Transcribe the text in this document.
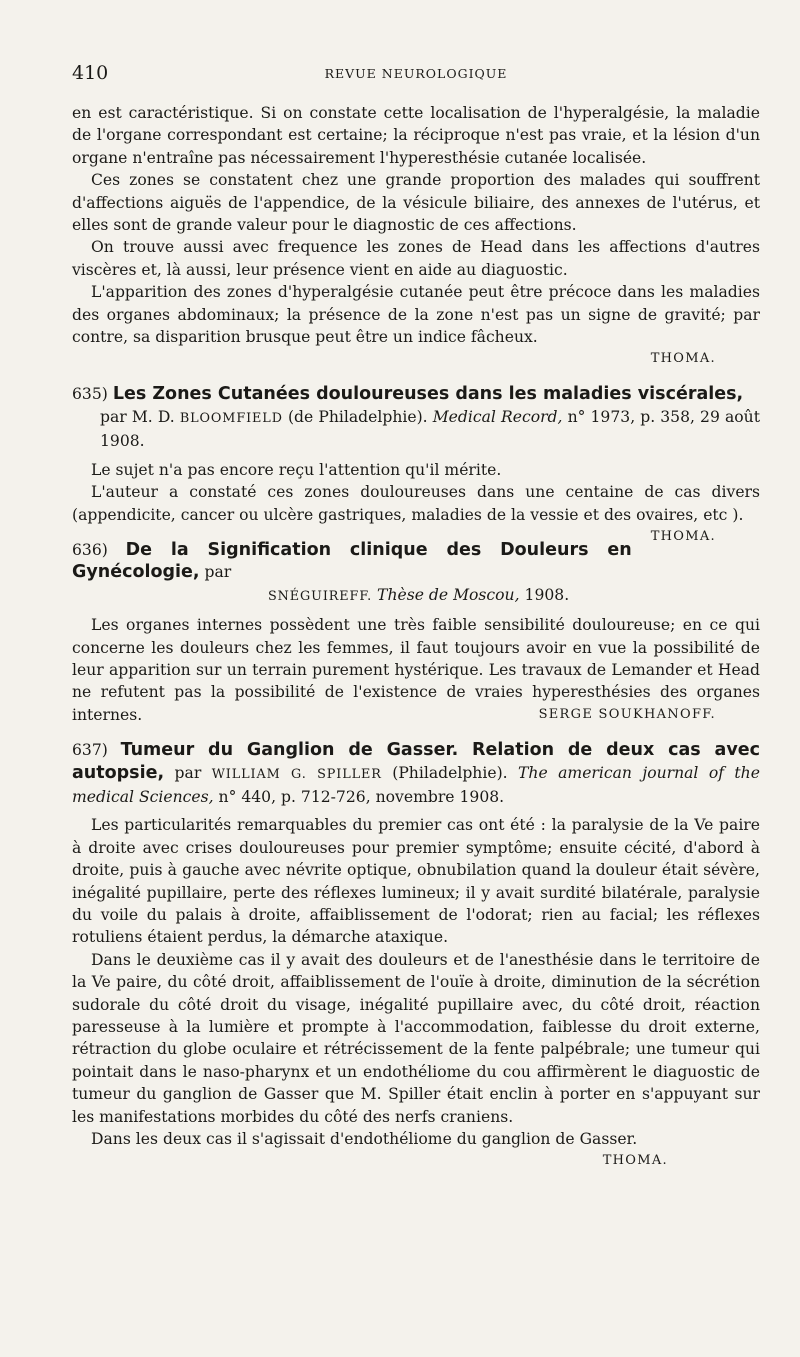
410	REVUE NEUROLOGIQUE

en est caractéristique. Si on constate cette localisation de l'hyperalgésie, la maladie de l'organe correspondant est certaine; la réciproque n'est pas vraie, et la lésion d'un organe n'entraîne pas nécessairement l'hyperesthésie cutanée localisée.

Ces zones se constatent chez une grande proportion des malades qui souffrent d'affections aiguës de l'appendice, de la vésicule biliaire, des annexes de l'utérus, et elles sont de grande valeur pour le diagnostic de ces affections.

On trouve aussi avec frequence les zones de Head dans les affections d'autres viscères et, là aussi, leur présence vient en aide au diaguostic.

L'apparition des zones d'hyperalgésie cutanée peut être précoce dans les maladies des organes abdominaux; la présence de la zone n'est pas un signe de gravité; par contre, sa disparition brusque peut être un indice fâcheux.

THOMA.
635) Les Zones Cutanées douloureuses dans les maladies viscérales,
par M. D. BLOOMFIELD (de Philadelphie). Medical Record, n° 1973, p. 358, 29 août 1908.

Le sujet n'a pas encore reçu l'attention qu'il mérite.

L'auteur a constaté ces zones douloureuses dans une centaine de cas divers (appendicite, cancer ou ulcère gastriques, maladies de la vessie et des ovaires, etc ).
THOMA.

636) De la Signification clinique des Douleurs en Gynécologie, par
SNÉGUIREFF. Thèse de Moscou, 1908.

Les organes internes possèdent une très faible sensibilité douloureuse; en ce qui concerne les douleurs chez les femmes, il faut toujours avoir en vue la possibilité de leur apparition sur un terrain purement hystérique. Les travaux de Lemander et Head ne refutent pas la possibilité de l'existence de vraies hyperesthésies des organes internes.	SERGE SOUKHANOFF.

637) Tumeur du Ganglion de Gasser. Relation de deux cas avec autopsie, par WILLIAM G. SPILLER (Philadelphie). The american journal of the medical Sciences, n° 440, p. 712-726, novembre 1908.

Les particularités remarquables du premier cas ont été : la paralysie de la Ve paire à droite avec crises douloureuses pour premier symptôme; ensuite cécité, d'abord à droite, puis à gauche avec névrite optique, obnubilation quand la douleur était sévère, inégalité pupillaire, perte des réflexes lumineux; il y avait surdité bilatérale, paralysie du voile du palais à droite, affaiblissement de l'odorat; rien au facial; les réflexes rotuliens étaient perdus, la démarche ataxique.

Dans le deuxième cas il y avait des douleurs et de l'anesthésie dans le territoire de la Ve paire, du côté droit, affaiblissement de l'ouïe à droite, diminution de la sécrétion sudorale du côté droit du visage, inégalité pupillaire avec, du côté droit, réaction paresseuse à la lumière et prompte à l'accommodation, faiblesse du droit externe, rétraction du globe oculaire et rétrécissement de la fente palpébrale; une tumeur qui pointait dans le naso-pharynx et un endothéliome du cou affirmèrent le diaguostic de tumeur du ganglion de Gasser que M. Spiller était enclin à porter en s'appuyant sur les manifestations morbides du côté des nerfs craniens.

Dans les deux cas il s'agissait d'endothéliome du ganglion de Gasser.

THOMA.
